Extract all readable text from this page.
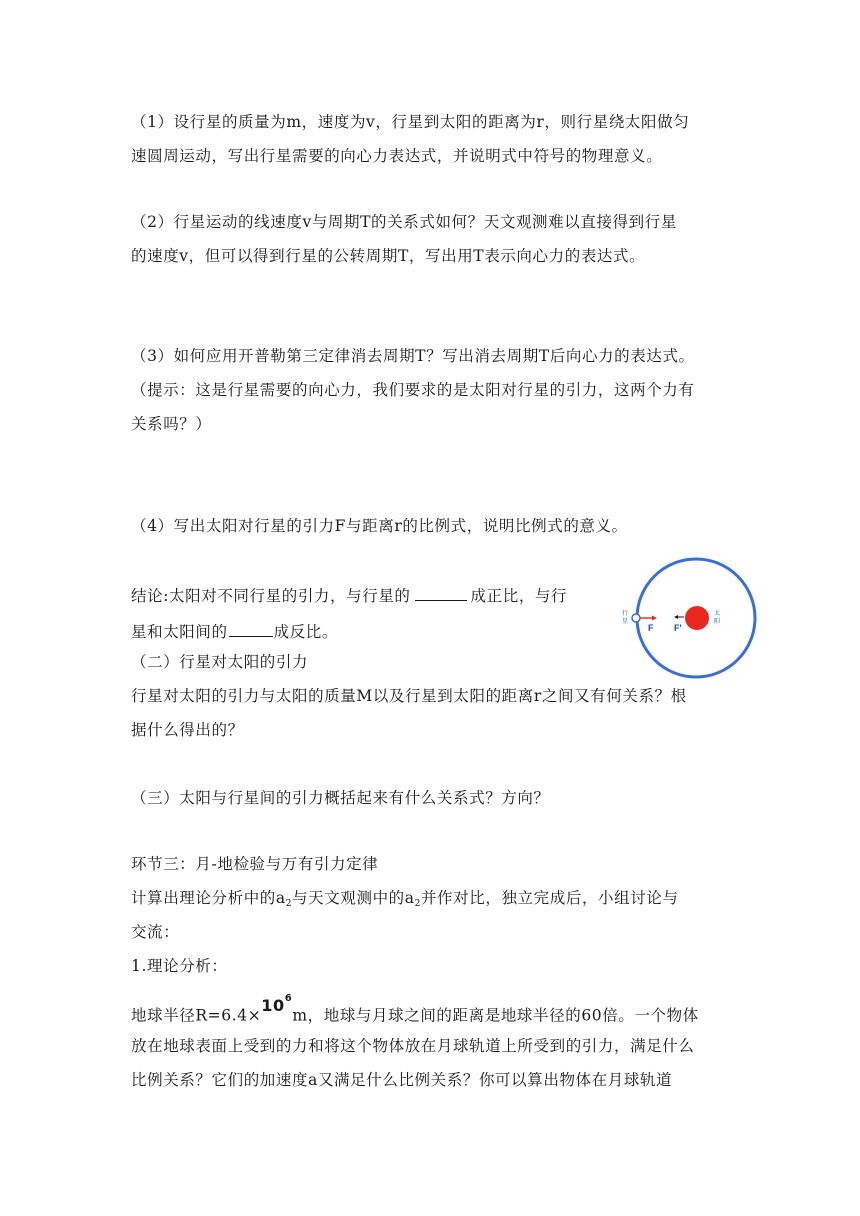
（1）设行星的质量为m，速度为v，行星到太阳的距离为r，则行星绕太阳做匀
速圆周运动，写出行星需要的向心力表达式，并说明式中符号的物理意义。
（2）行星运动的线速度v与周期T的关系式如何？天文观测难以直接得到行星
的速度v，但可以得到行星的公转周期T，写出用T表示向心力的表达式。
（3）如何应用开普勒第三定律消去周期T？写出消去周期T后向心力的表达式。
（提示：这是行星需要的向心力，我们要求的是太阳对行星的引力，这两个力有
关系吗？）
（4）写出太阳对行星的引力F与距离r的比例式，说明比例式的意义。
结论:太阳对不同行星的引力，与行星的	成正比，与行
星和太阳间的	成反比。
（二）行星对太阳的引力
行星对太阳的引力与太阳的质量M以及行星到太阳的距离r之间又有何关系？根
据什么得出的？
（三）太阳与行星间的引力概括起来有什么关系式？方向？
环节三：月-地检验与万有引力定律
计算出理论分析中的$a_2$与天文观测中的$a_2$并作对比，独立完成后，小组讨论与
交流：
1.理论分析：
地球半径$R=6.4\times 10^6m$，地球与月球之间的距离是地球半径的60倍。一个物体
放在地球表面上受到的力和将这个物体放在月球轨道上所受到的引力，满足什么
比例关系？它们的加速度a又满足什么比例关系？你可以算出物体在月球轨道
行
星
太
阳
F F'
